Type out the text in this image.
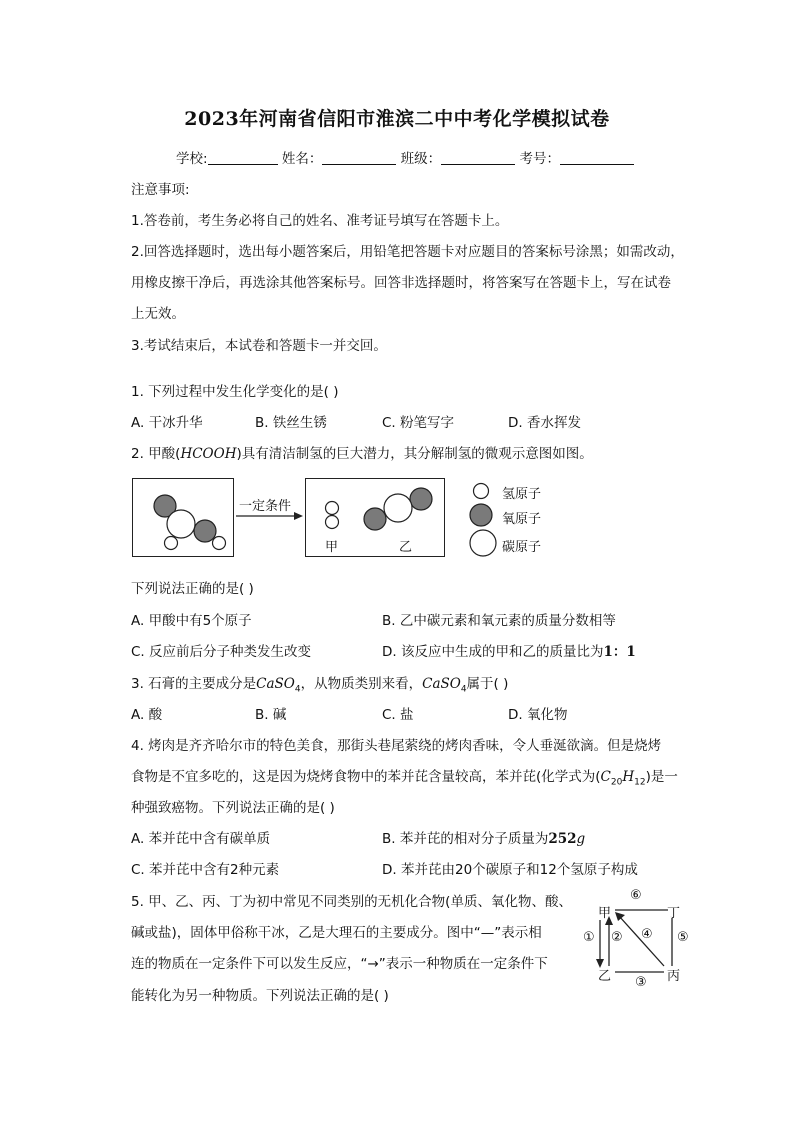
2023年河南省信阳市淮滨二中中考化学模拟试卷
学校:	姓名：	班级：	考号：
注意事项:
1.答卷前，考生务必将自己的姓名、准考证号填写在答题卡上。
2.回答选择题时，选出每小题答案后，用铅笔把答题卡对应题目的答案标号涂黑；如需改动，
用橡皮擦干净后，再选涂其他答案标号。回答非选择题时，将答案写在答题卡上，写在试卷
上无效。
3.考试结束后，本试卷和答题卡一并交回。
1. 下列过程中发生化学变化的是( )
A. 干冰升华	B. 铁丝生锈	C. 粉笔写字	D. 香水挥发
2. 甲酸(HCOOH)具有清洁制氢的巨大潜力，其分解制氢的微观示意图如图。
一定条件
甲	乙
氢原子
氧原子
碳原子
下列说法正确的是( )
A. 甲酸中有5个原子	B. 乙中碳元素和氧元素的质量分数相等
C. 反应前后分子种类发生改变	D. 该反应中生成的甲和乙的质量比为1：1
3. 石膏的主要成分是CaSO$_4$，从物质类别来看，CaSO$_4$属于( )
A. 酸	B. 碱	C. 盐	D. 氧化物
4. 烤肉是齐齐哈尔市的特色美食，那街头巷尾萦绕的烤肉香味，令人垂涎欲滴。但是烧烤
食物是不宜多吃的，这是因为烧烤食物中的苯并芘含量较高，苯并芘(化学式为$(C_{20}H_{12})$是一
种强致癌物。下列说法正确的是( )
A. 苯并芘中含有碳单质	B. 苯并芘的相对分子质量为252g
C. 苯并芘中含有2种元素	D. 苯并芘由20个碳原子和12个氢原子构成
5. 甲、乙、丙、丁为初中常见不同类别的无机化合物(单质、氧化物、酸、
碱或盐)，固体甲俗称干冰，乙是大理石的主要成分。图中“—”表示相
连的物质在一定条件下可以发生反应，“→”表示一种物质在一定条件下
能转化为另一种物质。下列说法正确的是( )
甲	丁
乙	丙
⑥
① ② ④ ⑤
③
